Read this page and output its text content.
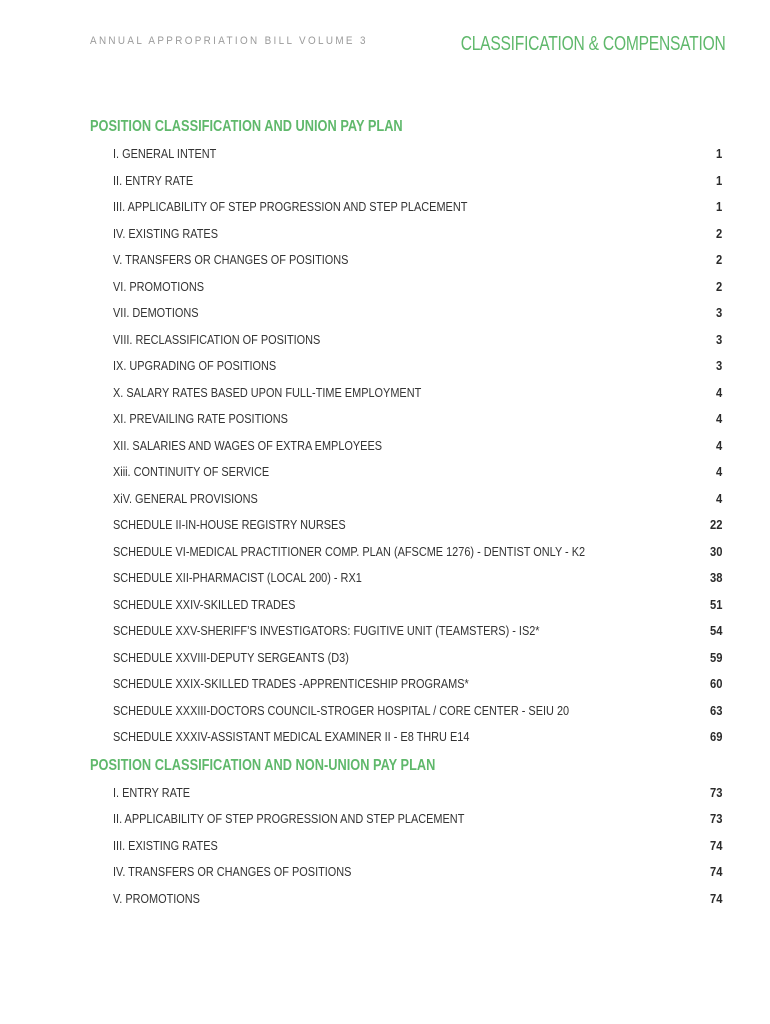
ANNUAL APPROPRIATION BILL VOLUME 3	CLASSIFICATION & COMPENSATION
POSITION CLASSIFICATION AND UNION PAY PLAN
I. GENERAL INTENT	1
II. ENTRY RATE	1
III. APPLICABILITY OF STEP PROGRESSION AND STEP PLACEMENT	1
IV. EXISTING RATES	2
V. TRANSFERS OR CHANGES OF POSITIONS	2
VI. PROMOTIONS	2
VII. DEMOTIONS	3
VIII. RECLASSIFICATION OF POSITIONS	3
IX. UPGRADING OF POSITIONS	3
X. SALARY RATES BASED UPON FULL-TIME EMPLOYMENT	4
XI. PREVAILING RATE POSITIONS	4
XII. SALARIES AND WAGES OF EXTRA EMPLOYEES	4
Xiii. CONTINUITY OF SERVICE	4
XiV. GENERAL PROVISIONS	4
SCHEDULE II-IN-HOUSE REGISTRY NURSES	22
SCHEDULE VI-MEDICAL PRACTITIONER COMP. PLAN (AFSCME 1276) - DENTIST ONLY - K2	30
SCHEDULE XII-PHARMACIST (LOCAL 200) - RX1	38
SCHEDULE XXIV-SKILLED TRADES	51
SCHEDULE XXV-SHERIFF’S INVESTIGATORS: FUGITIVE UNIT (TEAMSTERS) - IS2*	54
SCHEDULE XXVIII-DEPUTY SERGEANTS (D3)	59
SCHEDULE XXIX-SKILLED TRADES -APPRENTICESHIP PROGRAMS*	60
SCHEDULE XXXIII-DOCTORS COUNCIL-STROGER HOSPITAL / CORE CENTER - SEIU 20	63
SCHEDULE XXXIV-ASSISTANT MEDICAL EXAMINER II - E8 THRU E14	69
POSITION CLASSIFICATION AND NON-UNION PAY PLAN
I. ENTRY RATE	73
II. APPLICABILITY OF STEP PROGRESSION AND STEP PLACEMENT	73
III. EXISTING RATES	74
IV. TRANSFERS OR CHANGES OF POSITIONS	74
V. PROMOTIONS	74
